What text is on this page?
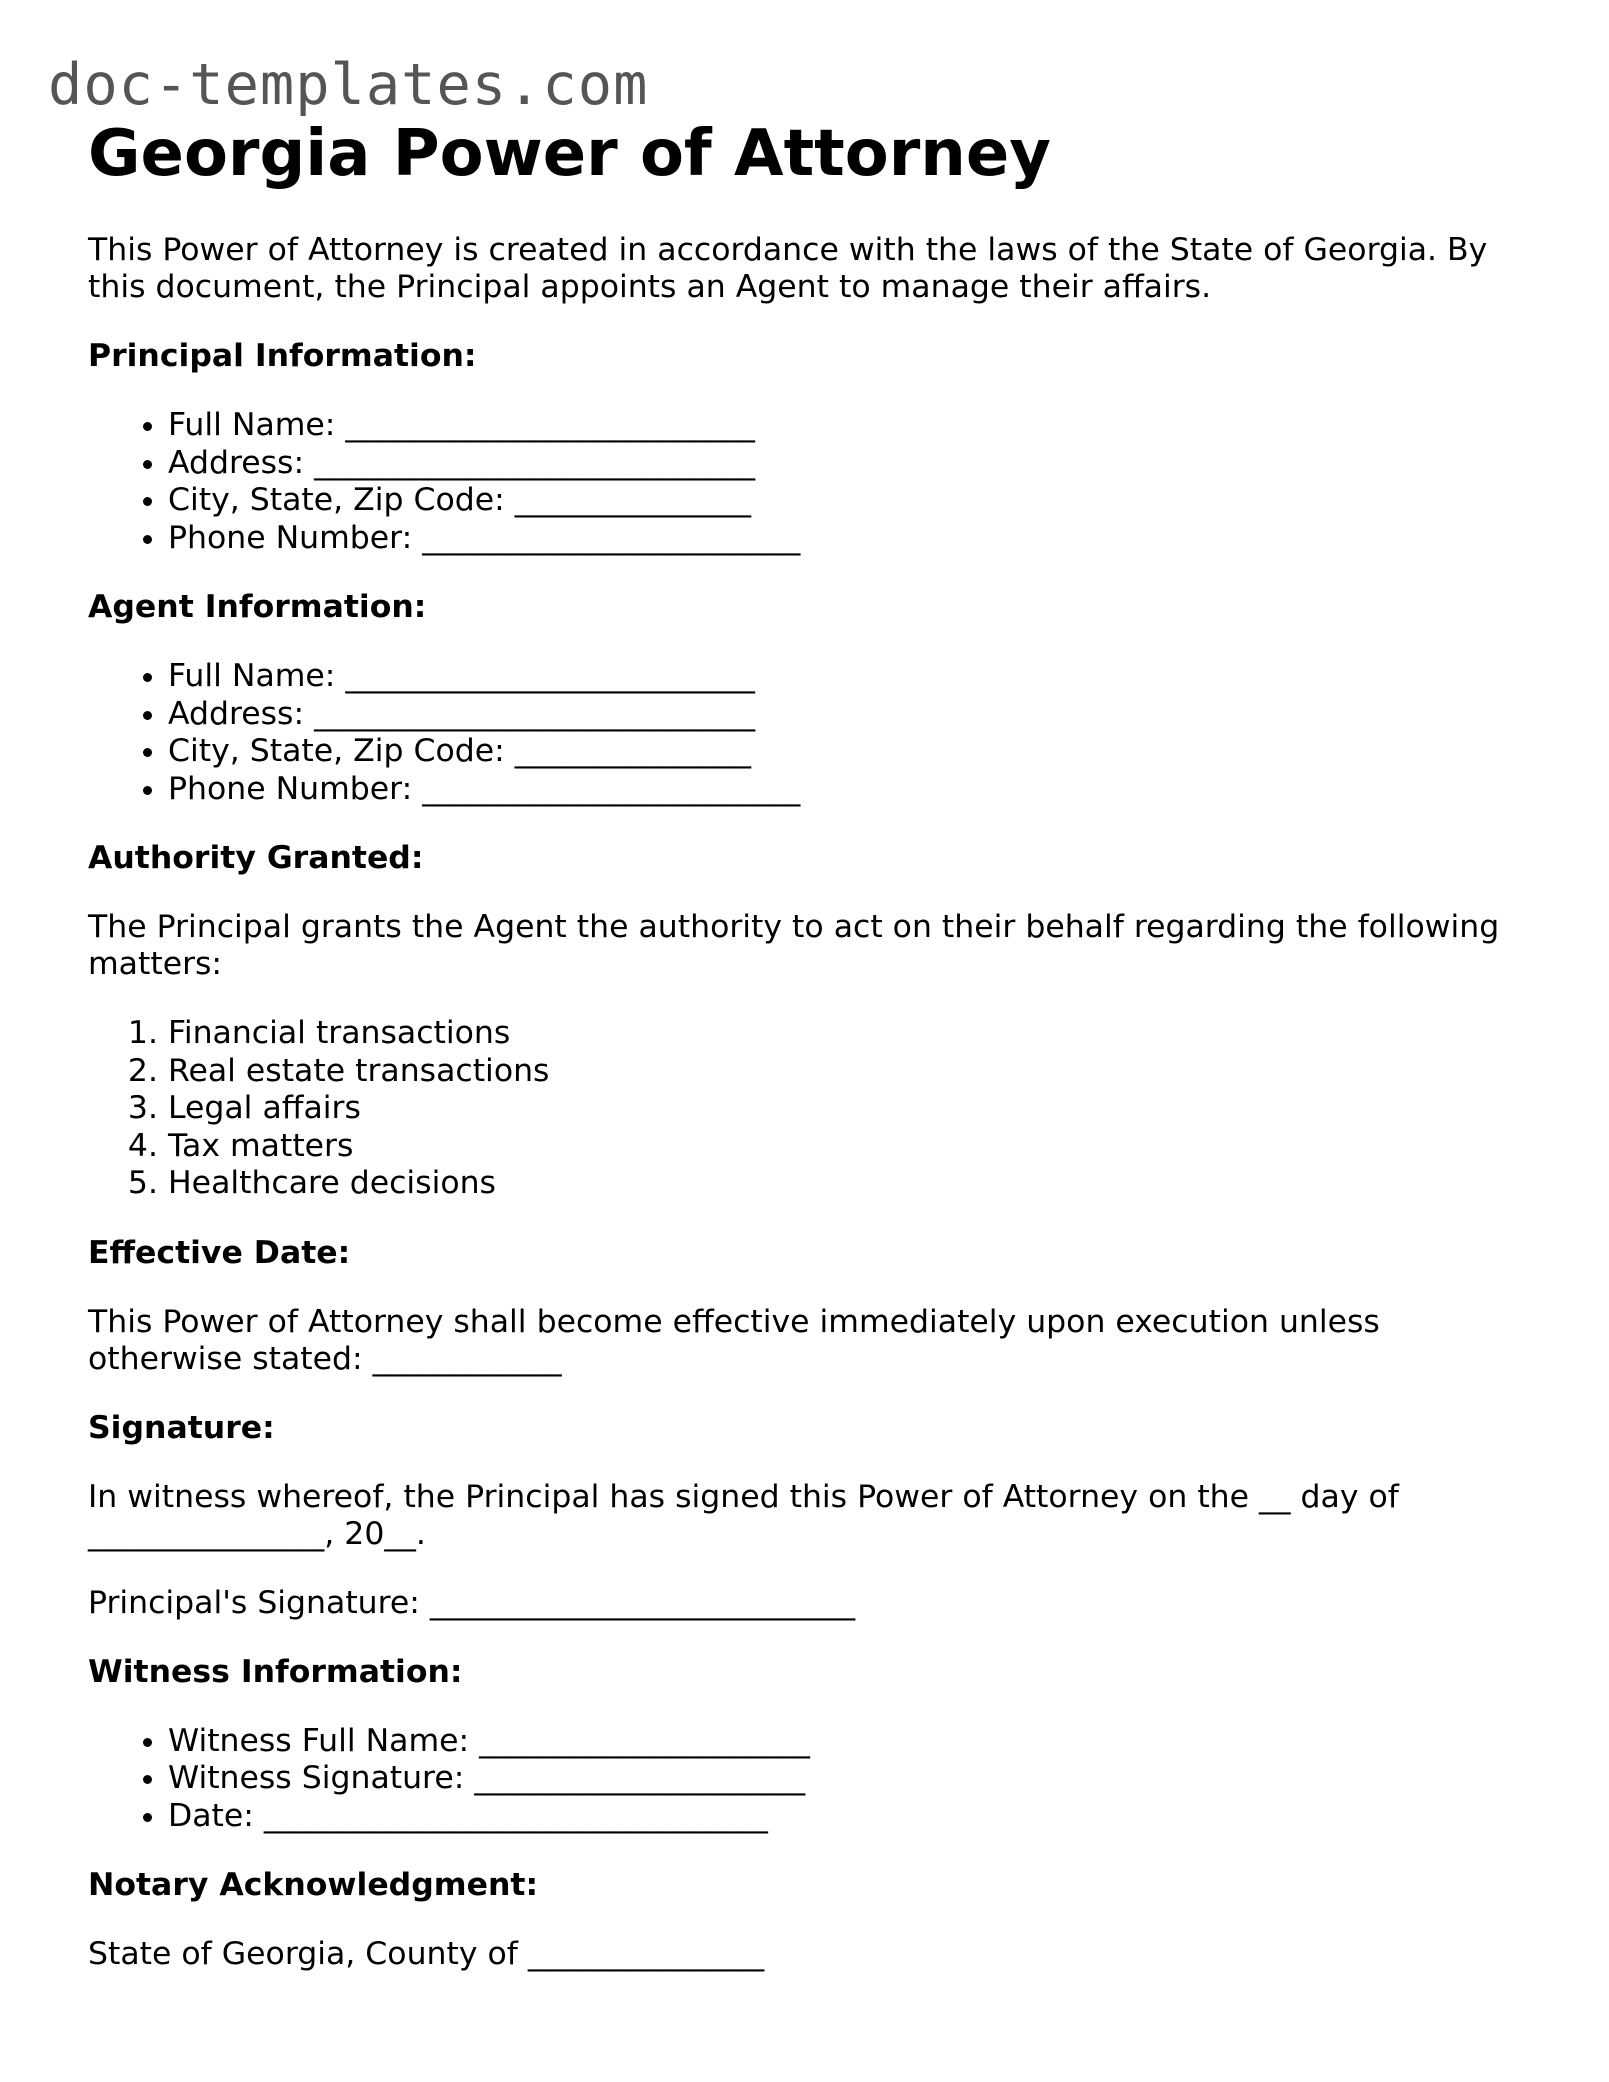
doc-templates.com
Georgia Power of Attorney

This Power of Attorney is created in accordance with the laws of the State of Georgia. By this document, the Principal appoints an Agent to manage their affairs.

Principal Information:
• Full Name: __________________________
• Address: ____________________________
• City, State, Zip Code: _______________
• Phone Number: ________________________
Agent Information:
• Full Name: __________________________
• Address: ____________________________
• City, State, Zip Code: _______________
• Phone Number: ________________________
Authority Granted:

The Principal grants the Agent the authority to act on their behalf regarding the following matters:

1. Financial transactions
2. Real estate transactions
3. Legal affairs
4. Tax matters
5. Healthcare decisions
Effective Date:

This Power of Attorney shall become effective immediately upon execution unless otherwise stated: ____________

Signature:

In witness whereof, the Principal has signed this Power of Attorney on the __ day of _______________, 20__.

Principal's Signature: ___________________________

Witness Information:
• Witness Full Name: _____________________
• Witness Signature: _____________________
• Date: ________________________________
Notary Acknowledgment:

State of Georgia, County of _______________
